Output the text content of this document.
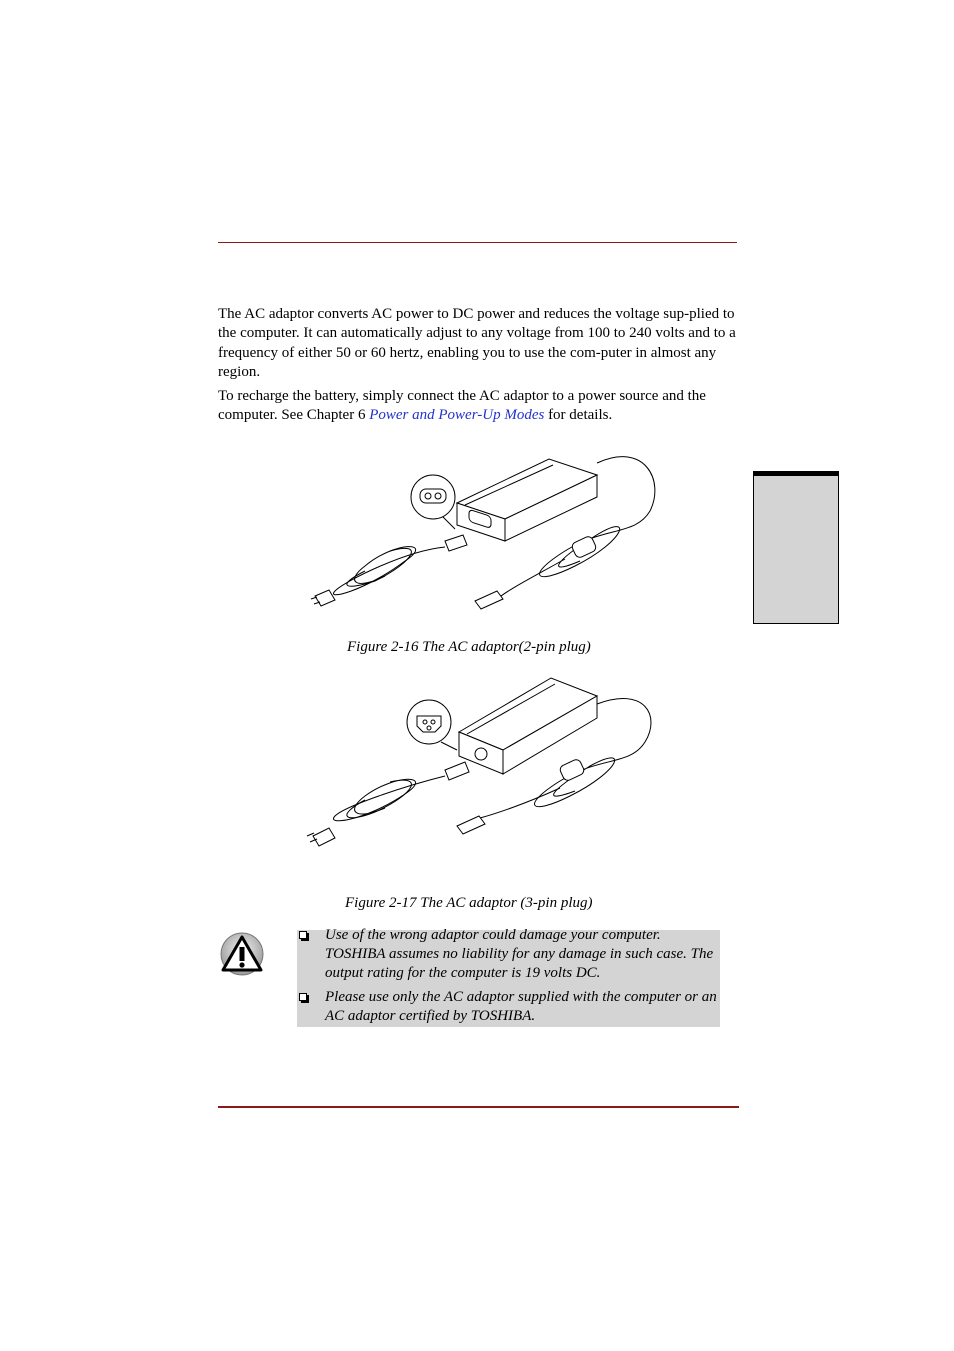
The AC adaptor converts AC power to DC power and reduces the voltage sup-plied to the computer. It can automatically adjust to any voltage from 100 to 240 volts and to a frequency of either 50 or 60 hertz, enabling you to use the com-puter in almost any region.

To recharge the battery, simply connect the AC adaptor to a power source and the computer. See Chapter 6 Power and Power-Up Modes for details.

Figure 2-16 The AC adaptor(2-pin plug)
Figure 2-17 The AC adaptor (3-pin plug)
Use of the wrong adaptor could damage your computer. TOSHIBA assumes no liability for any damage in such case. The output rating for the computer is 19 volts DC.
Please use only the AC adaptor supplied with the computer or an AC adaptor certified by TOSHIBA.
